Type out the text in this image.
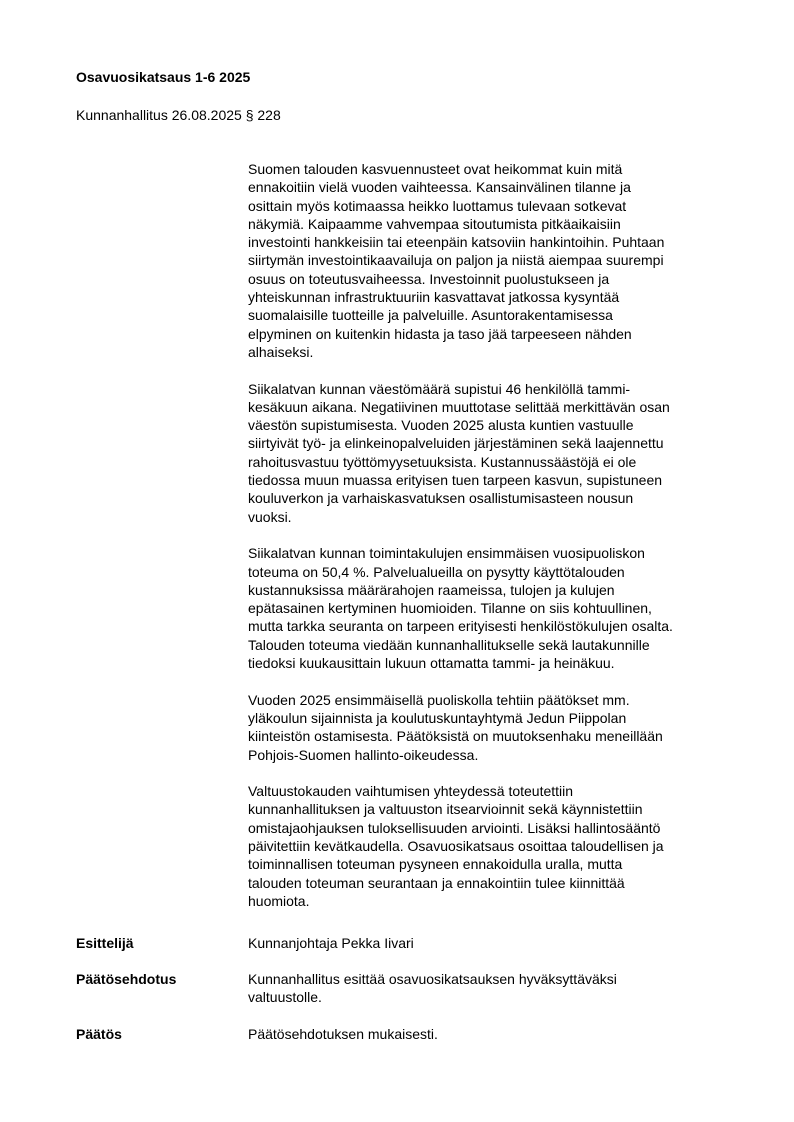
Osavuosikatsaus 1-6 2025

Kunnanhallitus 26.08.2025 § 228

Suomen talouden kasvuennusteet ovat heikommat kuin mitä
ennakoitiin vielä vuoden vaihteessa. Kansainvälinen tilanne ja
osittain myös kotimaassa heikko luottamus tulevaan sotkevat
näkymiä. Kaipaamme vahvempaa sitoutumista pitkäaikaisiin
investointi hankkeisiin tai eteenpäin katsoviin hankintoihin. Puhtaan
siirtymän investointikaavailuja on paljon ja niistä aiempaa suurempi
osuus on toteutusvaiheessa. Investoinnit puolustukseen ja
yhteiskunnan infrastruktuuriin kasvattavat jatkossa kysyntää
suomalaisille tuotteille ja palveluille. Asuntorakentamisessa
elpyminen on kuitenkin hidasta ja taso jää tarpeeseen nähden
alhaiseksi.

Siikalatvan kunnan väestömäärä supistui 46 henkilöllä tammi-
kesäkuun aikana. Negatiivinen muuttotase selittää merkittävän osan
väestön supistumisesta. Vuoden 2025 alusta kuntien vastuulle
siirtyivät työ- ja elinkeinopalveluiden järjestäminen sekä laajennettu
rahoitusvastuu työttömyysetuuksista. Kustannussäästöjä ei ole
tiedossa muun muassa erityisen tuen tarpeen kasvun, supistuneen
kouluverkon ja varhaiskasvatuksen osallistumisasteen nousun
vuoksi.

Siikalatvan kunnan toimintakulujen ensimmäisen vuosipuoliskon
toteuma on 50,4 %. Palvelualueilla on pysytty käyttötalouden
kustannuksissa määrärahojen raameissa, tulojen ja kulujen
epätasainen kertyminen huomioiden. Tilanne on siis kohtuullinen,
mutta tarkka seuranta on tarpeen erityisesti henkilöstökulujen osalta.
Talouden toteuma viedään kunnanhallitukselle sekä lautakunnille
tiedoksi kuukausittain lukuun ottamatta tammi- ja heinäkuu.

Vuoden 2025 ensimmäisellä puoliskolla tehtiin päätökset mm.
yläkoulun sijainnista ja koulutuskuntayhtymä Jedun Piippolan
kiinteistön ostamisesta. Päätöksistä on muutoksenhaku meneillään
Pohjois-Suomen hallinto-oikeudessa.

Valtuustokauden vaihtumisen yhteydessä toteutettiin
kunnanhallituksen ja valtuuston itsearvioinnit sekä käynnistettiin
omistajaohjauksen tuloksellisuuden arviointi. Lisäksi hallintosääntö
päivitettiin kevätkaudella. Osavuosikatsaus osoittaa taloudellisen ja
toiminnallisen toteuman pysyneen ennakoidulla uralla, mutta
talouden toteuman seurantaan ja ennakointiin tulee kiinnittää
huomiota.

Esittelijä	Kunnanjohtaja Pekka Iivari
Päätösehdotus	Kunnanhallitus esittää osavuosikatsauksen hyväksyttäväksi
valtuustolle.
Päätös	Päätösehdotuksen mukaisesti.
